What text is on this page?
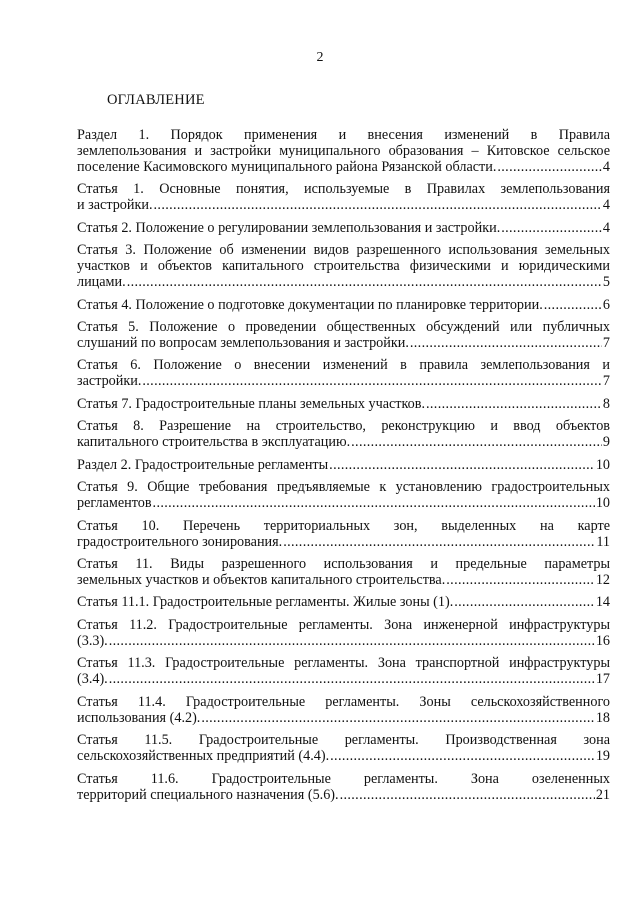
2
ОГЛАВЛЕНИЕ
Раздел 1. Порядок применения и внесения изменений в Правила
землепользования и застройки муниципального образования – Китовское сельское
поселение Касимовского муниципального района Рязанской области. . . .	4
Статья 1. Основные понятия, используемые в Правилах землепользования
и застройки. . . .	4
Статья 2. Положение о регулировании землепользования и застройки. . . .	4
Статья 3. Положение об изменении видов разрешенного использования земельных
участков и объектов капитального строительства физическими и юридическими
лицами. . . .	5
Статья 4. Положение о подготовке документации по планировке территории. . . .	6
Статья 5. Положение о проведении общественных обсуждений или публичных
слушаний по вопросам землепользования и застройки. . . .	7
Статья 6. Положение о внесении изменений в правила землепользования и
застройки. . . .	7
Статья 7. Градостроительные планы земельных участков. . . .	8
Статья 8. Разрешение на строительство, реконструкцию и ввод объектов
капитального строительства в эксплуатацию. . . .	9
Раздел 2. Градостроительные регламенты . . .	10
Статья 9. Общие требования предъявляемые к установлению градостроительных
регламентов . . .	10
Статья 10. Перечень территориальных зон, выделенных на карте
градостроительного зонирования. . . .	11
Статья 11. Виды разрешенного использования и предельные параметры
земельных участков и объектов капитального строительства. . . .	12
Статья 11.1. Градостроительные регламенты. Жилые зоны (1). . . .	14
Статья 11.2. Градостроительные регламенты. Зона инженерной инфраструктуры
(3.3). . . .	16
Статья 11.3. Градостроительные регламенты. Зона транспортной инфраструктуры
(3.4). . . .	17
Статья 11.4. Градостроительные регламенты. Зоны сельскохозяйственного
использования (4.2). . . .	18
Статья 11.5. Градостроительные регламенты. Производственная зона
сельскохозяйственных предприятий (4.4). . . .	19
Статья 11.6. Градостроительные регламенты. Зона озелененных
территорий специального назначения (5.6). . . .	21
